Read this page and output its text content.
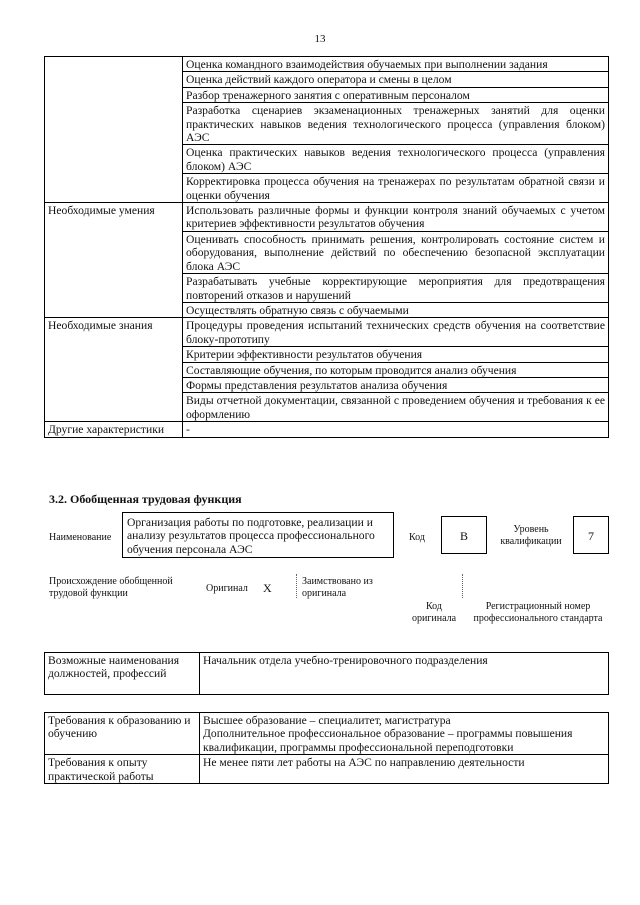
13
	Оценка командного взаимодействия обучаемых при выполнении задания
	Оценка действий каждого оператора и смены в целом
	Разбор тренажерного занятия с оперативным персоналом
	Разработка сценариев экзаменационных тренажерных занятий для оценки практических навыков ведения технологического процесса (управления блоком) АЭС
	Оценка практических навыков ведения технологического процесса (управления блоком) АЭС
	Корректировка процесса обучения на тренажерах по результатам обратной связи и оценки обучения
Необходимые умения	Использовать различные формы и функции контроля знаний обучаемых с учетом критериев эффективности результатов обучения
	Оценивать способность принимать решения, контролировать состояние систем и оборудования, выполнение действий по обеспечению безопасной эксплуатации блока АЭС
	Разрабатывать учебные корректирующие мероприятия для предотвращения повторений отказов и нарушений
	Осуществлять обратную связь с обучаемыми
Необходимые знания	Процедуры проведения испытаний технических средств обучения на соответствие блоку-прототипу
	Критерии эффективности результатов обучения
	Составляющие обучения, по которым проводится анализ обучения
	Формы представления результатов анализа обучения
	Виды отчетной документации, связанной с проведением обучения и требования к ее оформлению
Другие характеристики	-
3.2. Обобщенная трудовая функция
Наименование
Организация работы по подготовке, реализации и анализу результатов процесса профессионального обучения персонала АЭС
Код	B	Уровень квалификации	7
Происхождение обобщенной трудовой функции	Оригинал X	Заимствовано из оригинала
Код оригинала
Регистрационный номер профессионального стандарта
Возможные наименования должностей, профессий	Начальник отдела учебно-тренировочного подразделения
Требования к образованию и обучению	Высшее образование – специалитет, магистратура
Дополнительное профессиональное образование – программы повышения квалификации, программы профессиональной переподготовки

Требования к опыту практической работы	Не менее пяти лет работы на АЭС по направлению деятельности
